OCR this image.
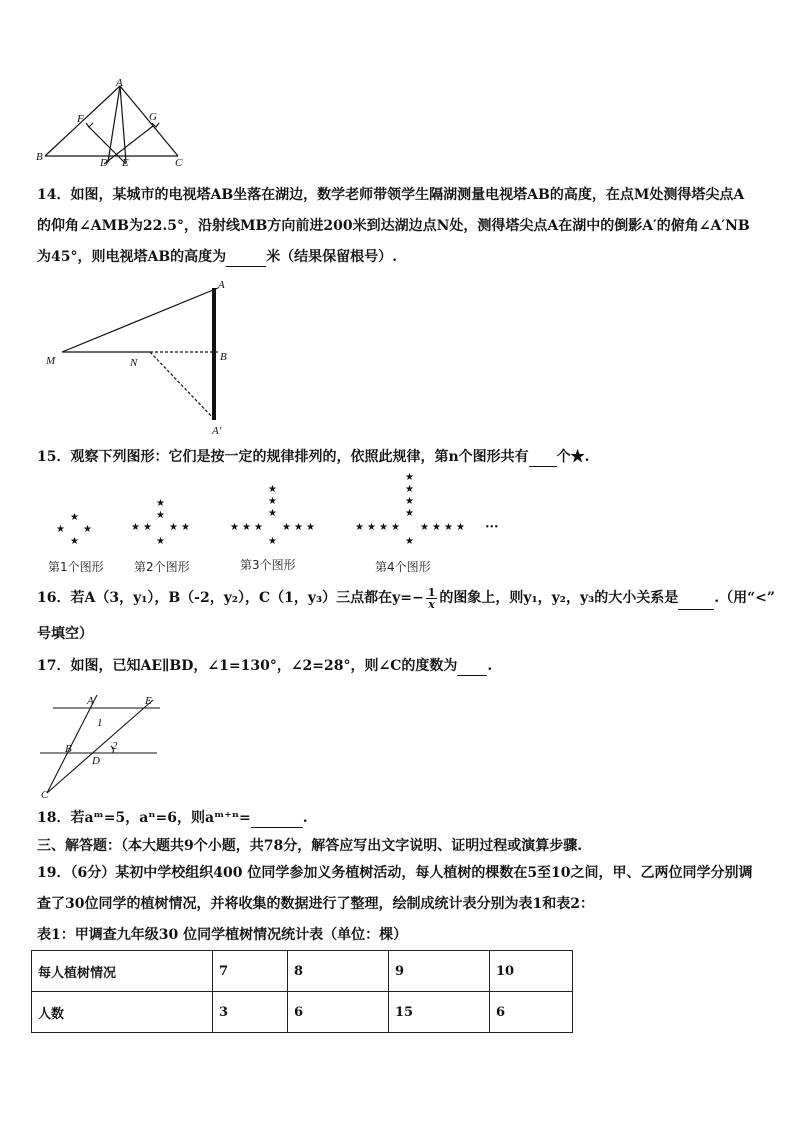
A
B	C
D E
F	G
14．如图，某城市的电视塔AB坐落在湖边，数学老师带领学生隔湖测量电视塔AB的高度，在点M处测得塔尖点A
的仰角∠AMB为22.5°，沿射线MB方向前进200米到达湖边点N处，测得塔尖点A在湖中的倒影A′的俯角∠A′NB
为45°，则电视塔AB的高度为	米（结果保留根号）.
A
B
M	N
A′
15．观察下列图形：它们是按一定的规律排列的，依照此规律，第n个图形共有 个★.
★
★ ★
★
★
★
★ ★ ★ ★
★
★
★
★
★ ★ ★ ★ ★ ★
★
★
★
★
★
★ ★ ★ ★ ★ ★ ★ ★
★
···
第1个图形	第2个图形	第3个图形	第4个图形
16．若A（3，y₁），B（-2，y₂），C（1，y₃）三点都在$y=- \frac{1}{x}$ 的图象上，则y₁，y₂，y₃的大小关系是	.（用“<”
号填空）
17．如图，已知AE∥BD，∠1=130°，∠2=28°，则∠C的度数为 .
A	E
B
D
C
1
2
18．若aᵐ=5，aⁿ=6，则aᵐ⁺ⁿ=	.
三、解答题：（本大题共9个小题，共78分，解答应写出文字说明、证明过程或演算步骤.
19．（6分）某初中学校组织400 位同学参加义务植树活动，每人植树的棵数在5至10之间，甲、乙两位同学分别调
查了30位同学的植树情况，并将收集的数据进行了整理，绘制成统计表分别为表1和表2：
表1：甲调查九年级30 位同学植树情况统计表（单位：棵）
每人植树情况	7	8	9	10
人数	3	6	15	6
